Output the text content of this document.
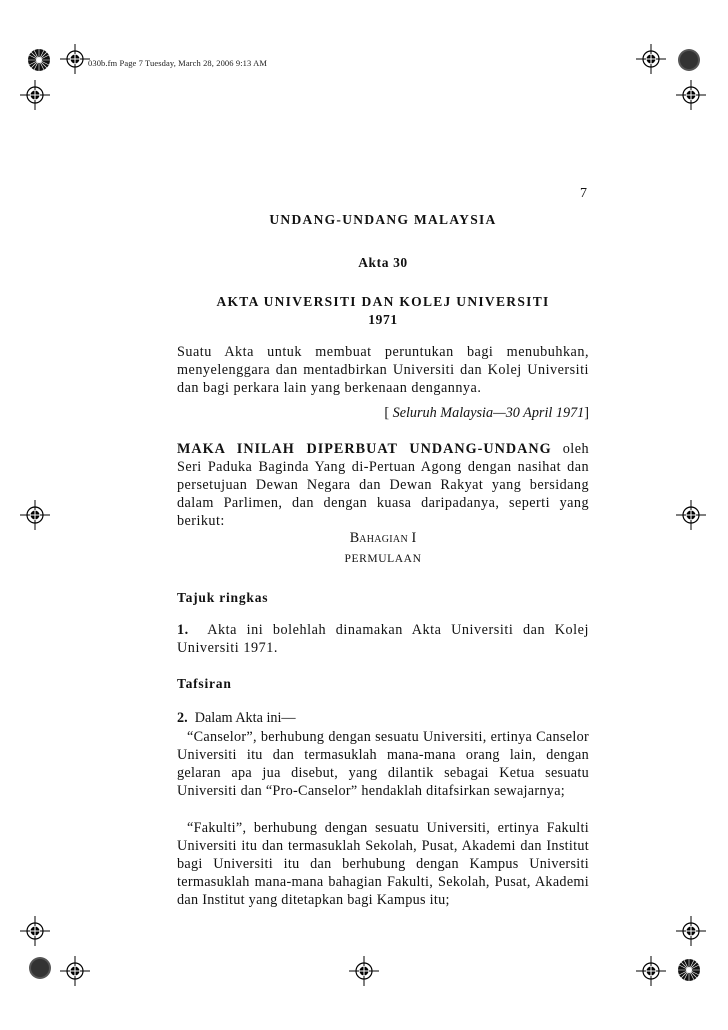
030b.fm Page 7 Tuesday, March 28, 2006 9:13 AM
7
UNDANG-UNDANG MALAYSIA
Akta 30
AKTA UNIVERSITI DAN KOLEJ UNIVERSITI
1971
Suatu Akta untuk membuat peruntukan bagi menubuhkan, menyelenggara dan mentadbirkan Universiti dan Kolej Universiti dan bagi perkara lain yang berkenaan dengannya.
[ Seluruh Malaysia—30 April 1971]
MAKA INILAH DIPERBUAT UNDANG-UNDANG oleh Seri Paduka Baginda Yang di-Pertuan Agong dengan nasihat dan persetujuan Dewan Negara dan Dewan Rakyat yang bersidang dalam Parlimen, dan dengan kuasa daripadanya, seperti yang berikut:
BAHAGIAN I
PERMULAAN
Tajuk ringkas
1.  Akta ini bolehlah dinamakan Akta Universiti dan Kolej Universiti 1971.
Tafsiran
2.  Dalam Akta ini—
“Canselor”, berhubung dengan sesuatu Universiti, ertinya Canselor Universiti itu dan termasuklah mana-mana orang lain, dengan gelaran apa jua disebut, yang dilantik sebagai Ketua sesuatu Universiti dan “Pro-Canselor” hendaklah ditafsirkan sewajarnya;
“Fakulti”, berhubung dengan sesuatu Universiti, ertinya Fakulti Universiti itu dan termasuklah Sekolah, Pusat, Akademi dan Institut bagi Universiti itu dan berhubung dengan Kampus Universiti termasuklah mana-mana bahagian Fakulti, Sekolah, Pusat, Akademi dan Institut yang ditetapkan bagi Kampus itu;
